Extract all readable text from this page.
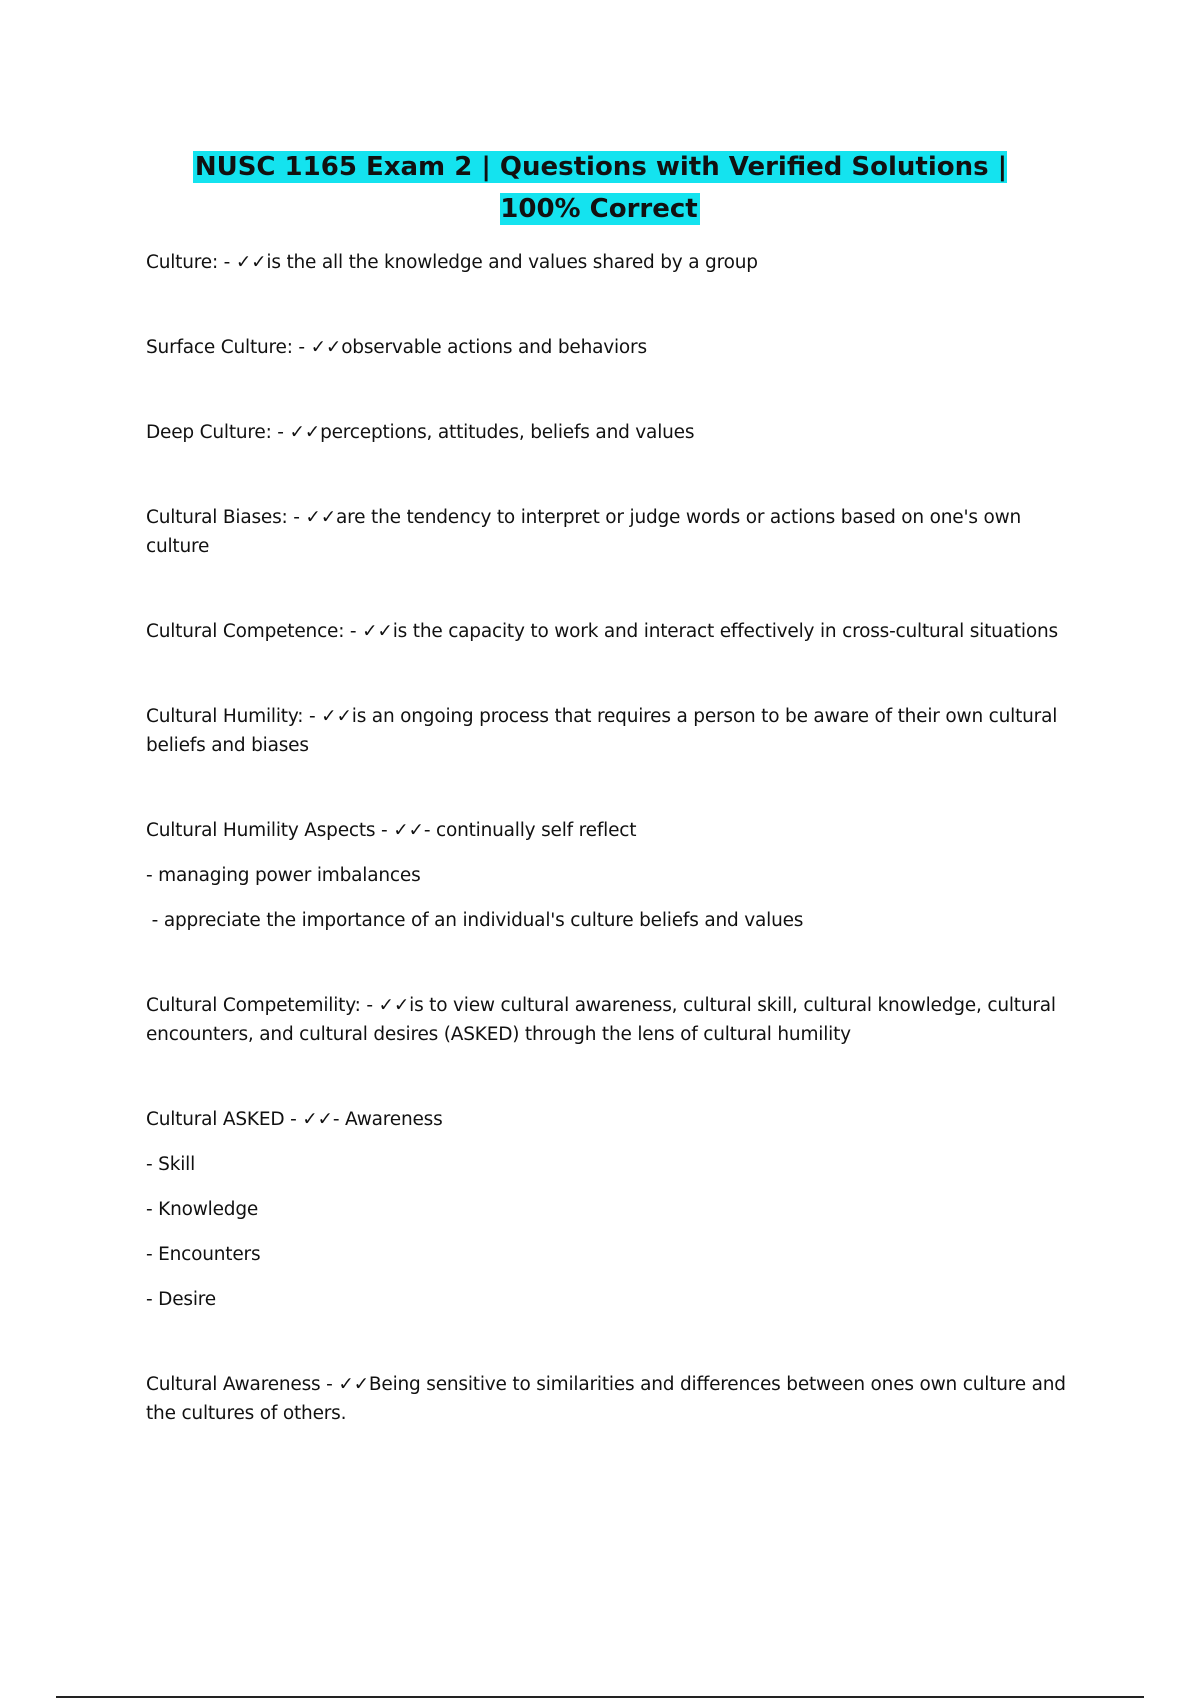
NUSC 1165 Exam 2 | Questions with Verified Solutions | 100% Correct

Culture: - ✓✓is the all the knowledge and values shared by a group

Surface Culture: - ✓✓observable actions and behaviors

Deep Culture: - ✓✓perceptions, attitudes, beliefs and values

Cultural Biases: - ✓✓are the tendency to interpret or judge words or actions based on one's own culture

Cultural Competence: - ✓✓is the capacity to work and interact effectively in cross-cultural situations

Cultural Humility: - ✓✓is an ongoing process that requires a person to be aware of their own cultural beliefs and biases

Cultural Humility Aspects - ✓✓- continually self reflect

- managing power imbalances

- appreciate the importance of an individual's culture beliefs and values

Cultural Competemility: - ✓✓is to view cultural awareness, cultural skill, cultural knowledge, cultural encounters, and cultural desires (ASKED) through the lens of cultural humility

Cultural ASKED - ✓✓- Awareness

- Skill

- Knowledge

- Encounters

- Desire

Cultural Awareness - ✓✓Being sensitive to similarities and differences between ones own culture and the cultures of others.
